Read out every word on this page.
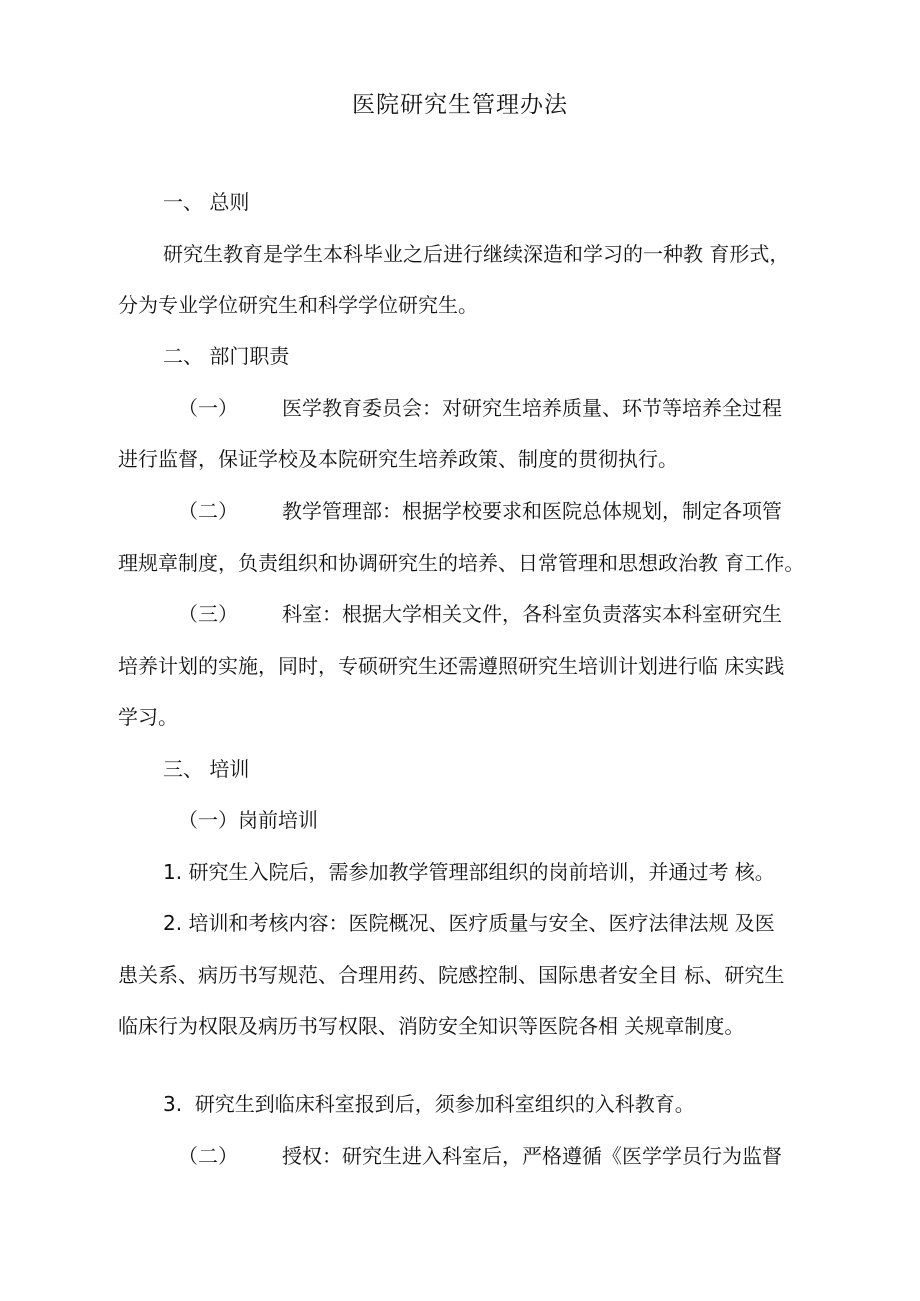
医院研究生管理办法
一、 总则
研究生教育是学生本科毕业之后进行继续深造和学习的一种教 育形式，
分为专业学位研究生和科学学位研究生。
二、 部门职责
（一） 医学教育委员会：对研究生培养质量、环节等培养全过程
进行监督，保证学校及本院研究生培养政策、制度的贯彻执行。
（二） 教学管理部：根据学校要求和医院总体规划，制定各项管
理规章制度，负责组织和协调研究生的培养、日常管理和思想政治教 育工作。
（三） 科室：根据大学相关文件，各科室负责落实本科室研究生
培养计划的实施，同时，专硕研究生还需遵照研究生培训计划进行临 床实践
学习。
三、 培训
（一）岗前培训
1. 研究生入院后，需参加教学管理部组织的岗前培训，并通过考 核。
2. 培训和考核内容：医院概况、医疗质量与安全、医疗法律法规 及医
患关系、病历书写规范、合理用药、院感控制、国际患者安全目 标、研究生
临床行为权限及病历书写权限、消防安全知识等医院各相 关规章制度。
3. 研究生到临床科室报到后，须参加科室组织的入科教育。
（二） 授权：研究生进入科室后，严格遵循《医学学员行为监督
